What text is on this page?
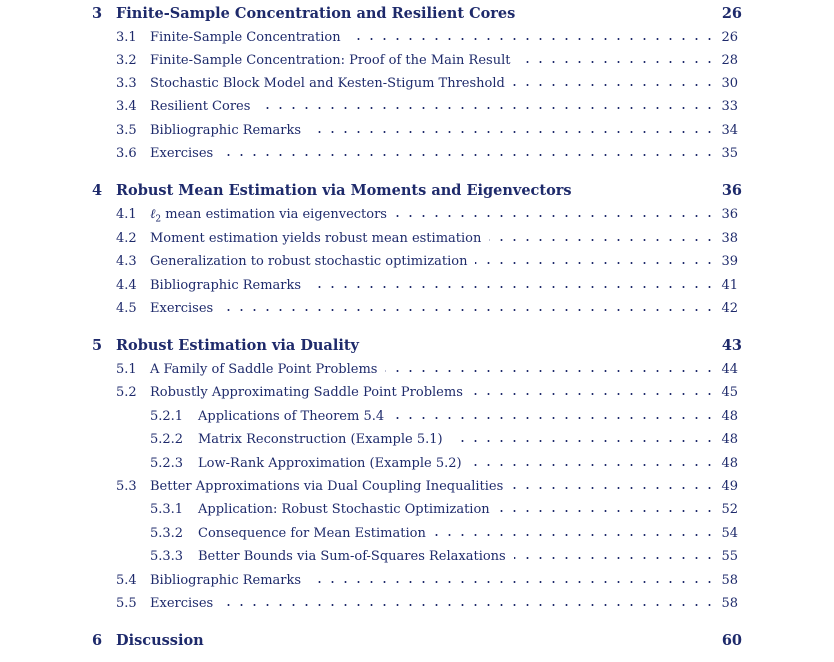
3 Finite-Sample Concentration and Resilient Cores	26
3.1 Finite-Sample Concentration	26
3.2 Finite-Sample Concentration: Proof of the Main Result	28
3.3 Stochastic Block Model and Kesten-Stigum Threshold	30
3.4 Resilient Cores	33
3.5 Bibliographic Remarks	34
3.6 Exercises	35
4 Robust Mean Estimation via Moments and Eigenvectors	36
4.1 ℓ$_2$ mean estimation via eigenvectors	36
4.2 Moment estimation yields robust mean estimation	38
4.3 Generalization to robust stochastic optimization	39
4.4 Bibliographic Remarks	41
4.5 Exercises	42
5 Robust Estimation via Duality	43
5.1 A Family of Saddle Point Problems	44
5.2 Robustly Approximating Saddle Point Problems	45
5.2.1 Applications of Theorem 5.4	48
5.2.2 Matrix Reconstruction (Example 5.1)	48
5.2.3 Low-Rank Approximation (Example 5.2)	48
5.3 Better Approximations via Dual Coupling Inequalities	49
5.3.1 Application: Robust Stochastic Optimization	52
5.3.2 Consequence for Mean Estimation	54
5.3.3 Better Bounds via Sum-of-Squares Relaxations	55
5.4 Bibliographic Remarks	58
5.5 Exercises	58
6 Discussion	60
